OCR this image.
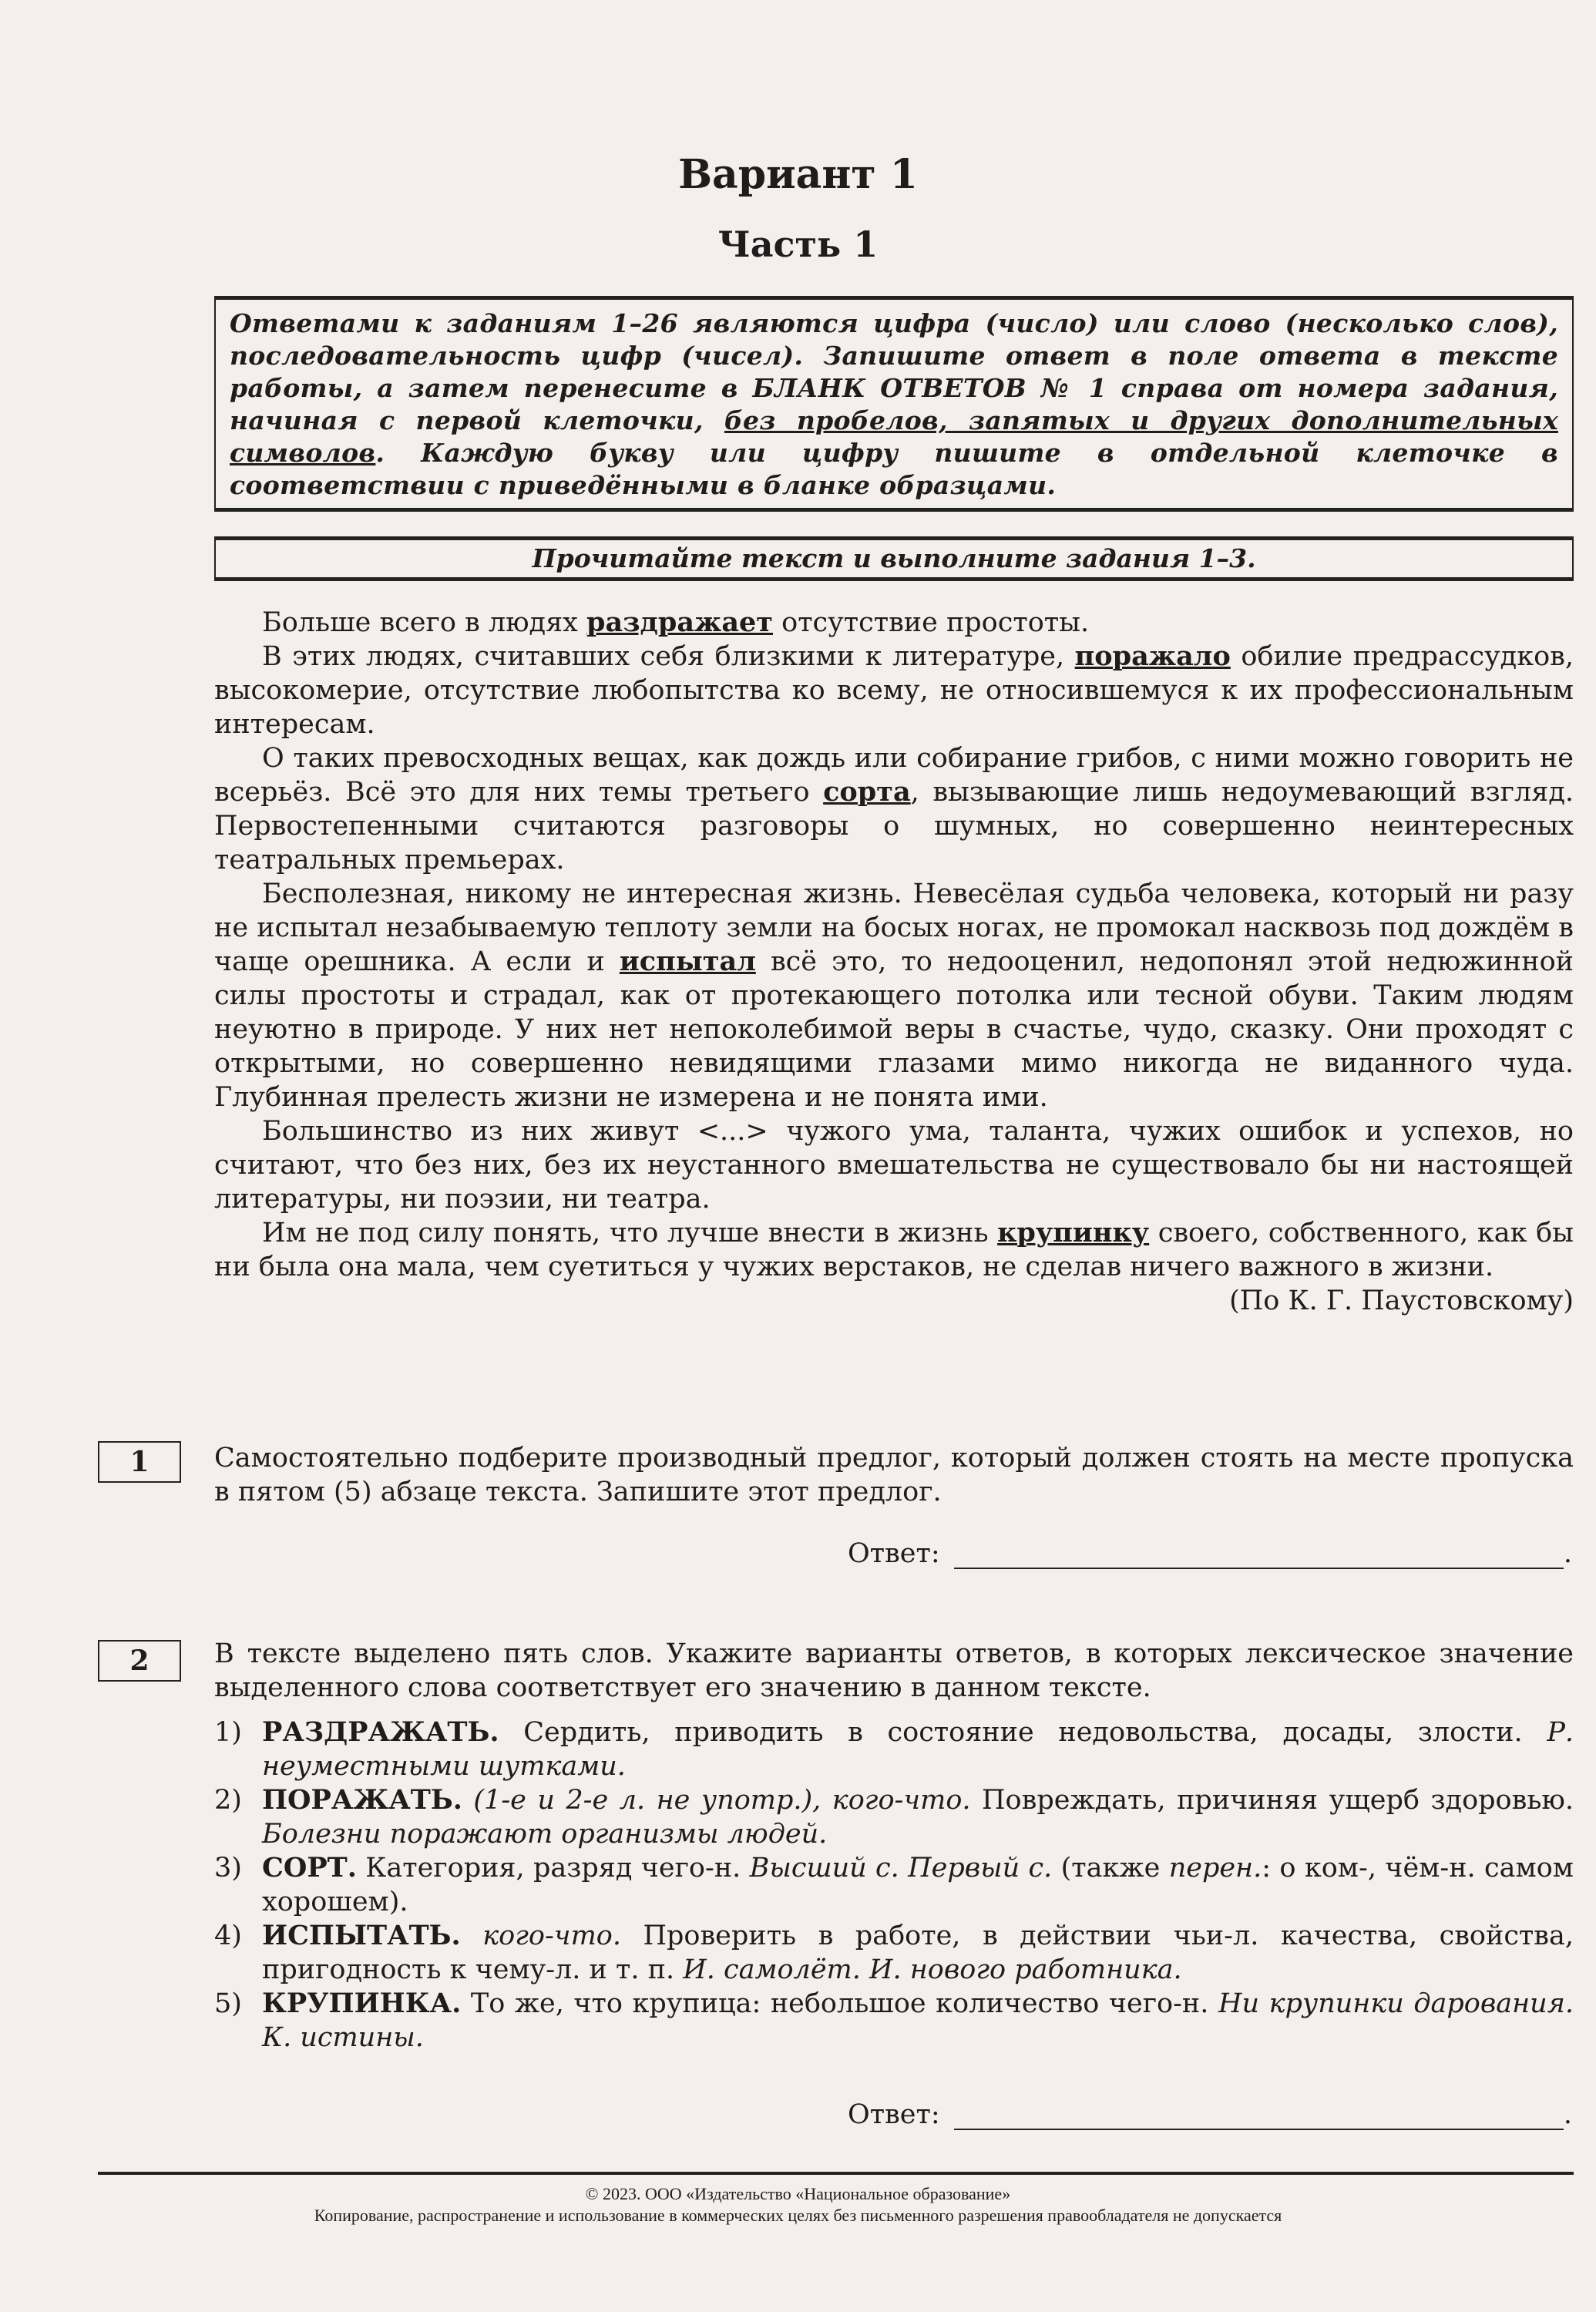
Вариант 1
Часть 1
Ответами к заданиям 1–26 являются цифра (число) или слово (несколько слов), последовательность цифр (чисел). Запишите ответ в поле ответа в тексте работы, а затем перенесите в БЛАНК ОТВЕТОВ № 1 справа от номера задания, начиная с первой клеточки, без пробелов, запятых и других дополнительных символов. Каждую букву или цифру пишите в отдельной клеточке в соответствии с приведёнными в бланке образцами.
Прочитайте текст и выполните задания 1–3.

Больше всего в людях раздражает отсутствие простоты.

В этих людях, считавших себя близкими к литературе, поражало обилие предрассудков, высокомерие, отсутствие любопытства ко всему, не относившемуся к их профессиональным интересам.

О таких превосходных вещах, как дождь или собирание грибов, с ними можно говорить не всерьёз. Всё это для них темы третьего сорта, вызывающие лишь недоумевающий взгляд. Первостепенными считаются разговоры о шумных, но совершенно неинтересных театральных премьерах.

Бесполезная, никому не интересная жизнь. Невесёлая судьба человека, который ни разу не испытал незабываемую теплоту земли на босых ногах, не промокал насквозь под дождём в чаще орешника. А если и испытал всё это, то недооценил, недопонял этой недюжинной силы простоты и страдал, как от протекающего потолка или тесной обуви. Таким людям неуютно в природе. У них нет непоколебимой веры в счастье, чудо, сказку. Они проходят с открытыми, но совершенно невидящими глазами мимо никогда не виданного чуда. Глубинная прелесть жизни не измерена и не понята ими.

Большинство из них живут <...> чужого ума, таланта, чужих ошибок и успехов, но считают, что без них, без их неустанного вмешательства не существовало бы ни настоящей литературы, ни поэзии, ни театра.

Им не под силу понять, что лучше внести в жизнь крупинку своего, собственного, как бы ни была она мала, чем суетиться у чужих верстаков, не сделав ничего важного в жизни.

(По К. Г. Паустовскому)

1	Самостоятельно подберите производный предлог, который должен стоять на месте пропуска в пятом (5) абзаце текста. Запишите этот предлог.
Ответ:	.
2	В тексте выделено пять слов. Укажите варианты ответов, в которых лексическое значение выделенного слова соответствует его значению в данном тексте.
1) РАЗДРАЖАТЬ. Сердить, приводить в состояние недовольства, досады, злости. Р. неуместными шутками.
2) ПОРАЖАТЬ. (1-е и 2-е л. не употр.), кого-что. Повреждать, причиняя ущерб здоровью. Болезни поражают организмы людей.
3) СОРТ. Категория, разряд чего-н. Высший с. Первый с. (также перен.: о ком-, чём-н. самом хорошем).
4) ИСПЫТАТЬ. кого-что. Проверить в работе, в действии чьи-л. качества, свойства, пригодность к чему-л. и т. п. И. самолёт. И. нового работника.
5) КРУПИНКА. То же, что крупица: небольшое количество чего-н. Ни крупинки дарования. К. истины.
Ответ:	.
© 2023. ООО «Издательство «Национальное образование»
Копирование, распространение и использование в коммерческих целях без письменного разрешения правообладателя не допускается
